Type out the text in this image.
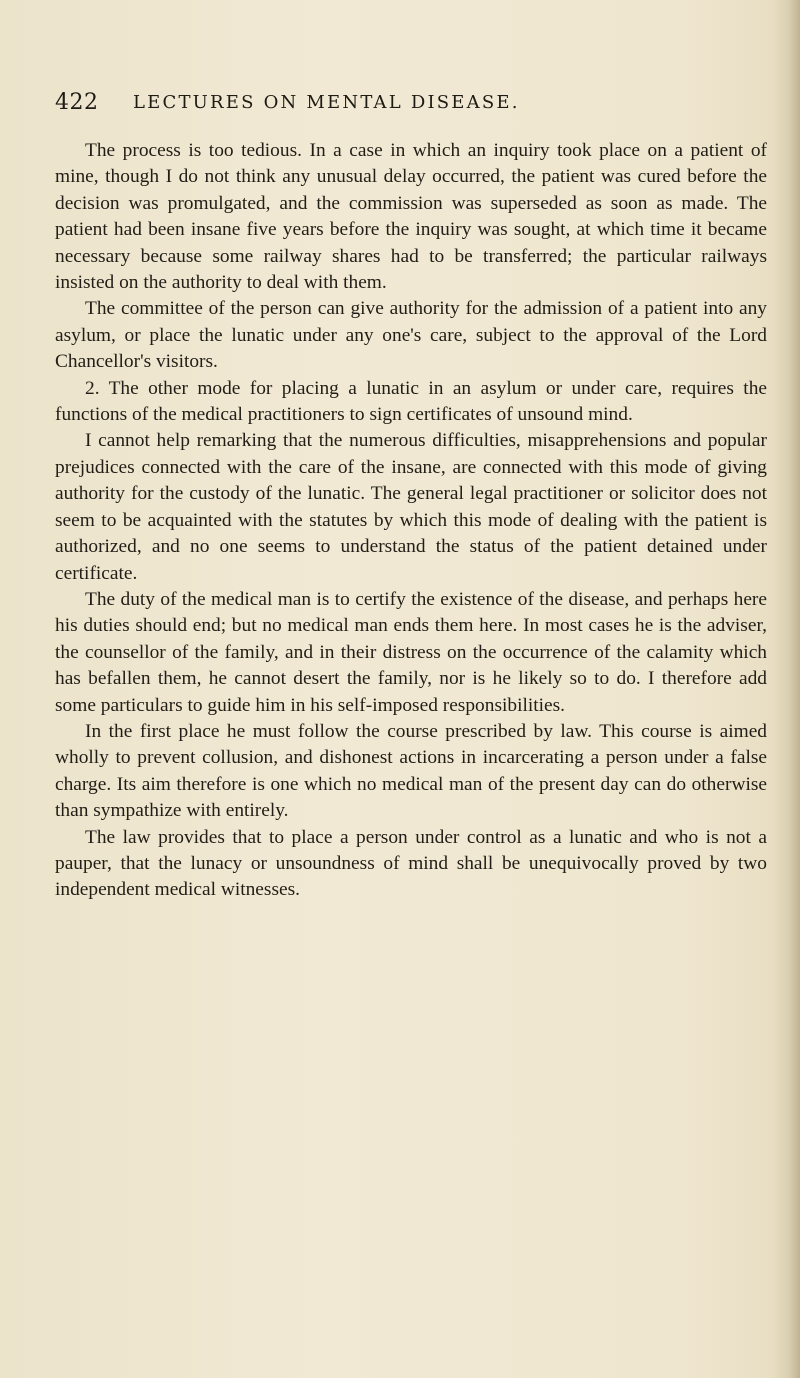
422 LECTURES ON MENTAL DISEASE.

The process is too tedious. In a case in which an inquiry took place on a patient of mine, though I do not think any unusual delay occurred, the patient was cured before the decision was promulgated, and the commission was superseded as soon as made. The patient had been insane five years before the inquiry was sought, at which time it became necessary because some railway shares had to be transferred; the particular railways insisted on the authority to deal with them.

The committee of the person can give authority for the admission of a patient into any asylum, or place the lunatic under any one's care, subject to the approval of the Lord Chancellor's visitors.

2. The other mode for placing a lunatic in an asylum or under care, requires the functions of the medical practitioners to sign certificates of unsound mind.

I cannot help remarking that the numerous difficulties, misapprehensions and popular prejudices connected with the care of the insane, are connected with this mode of giving authority for the custody of the lunatic. The general legal practitioner or solicitor does not seem to be acquainted with the statutes by which this mode of dealing with the patient is authorized, and no one seems to understand the status of the patient detained under certificate.

The duty of the medical man is to certify the existence of the disease, and perhaps here his duties should end; but no medical man ends them here. In most cases he is the adviser, the counsellor of the family, and in their distress on the occurrence of the calamity which has befallen them, he cannot desert the family, nor is he likely so to do. I therefore add some particulars to guide him in his self-imposed responsibilities.

In the first place he must follow the course prescribed by law. This course is aimed wholly to prevent collusion, and dishonest actions in incarcerating a person under a false charge. Its aim therefore is one which no medical man of the present day can do otherwise than sympathize with entirely.

The law provides that to place a person under control as a lunatic and who is not a pauper, that the lunacy or unsoundness of mind shall be unequivocally proved by two independent medical witnesses.
